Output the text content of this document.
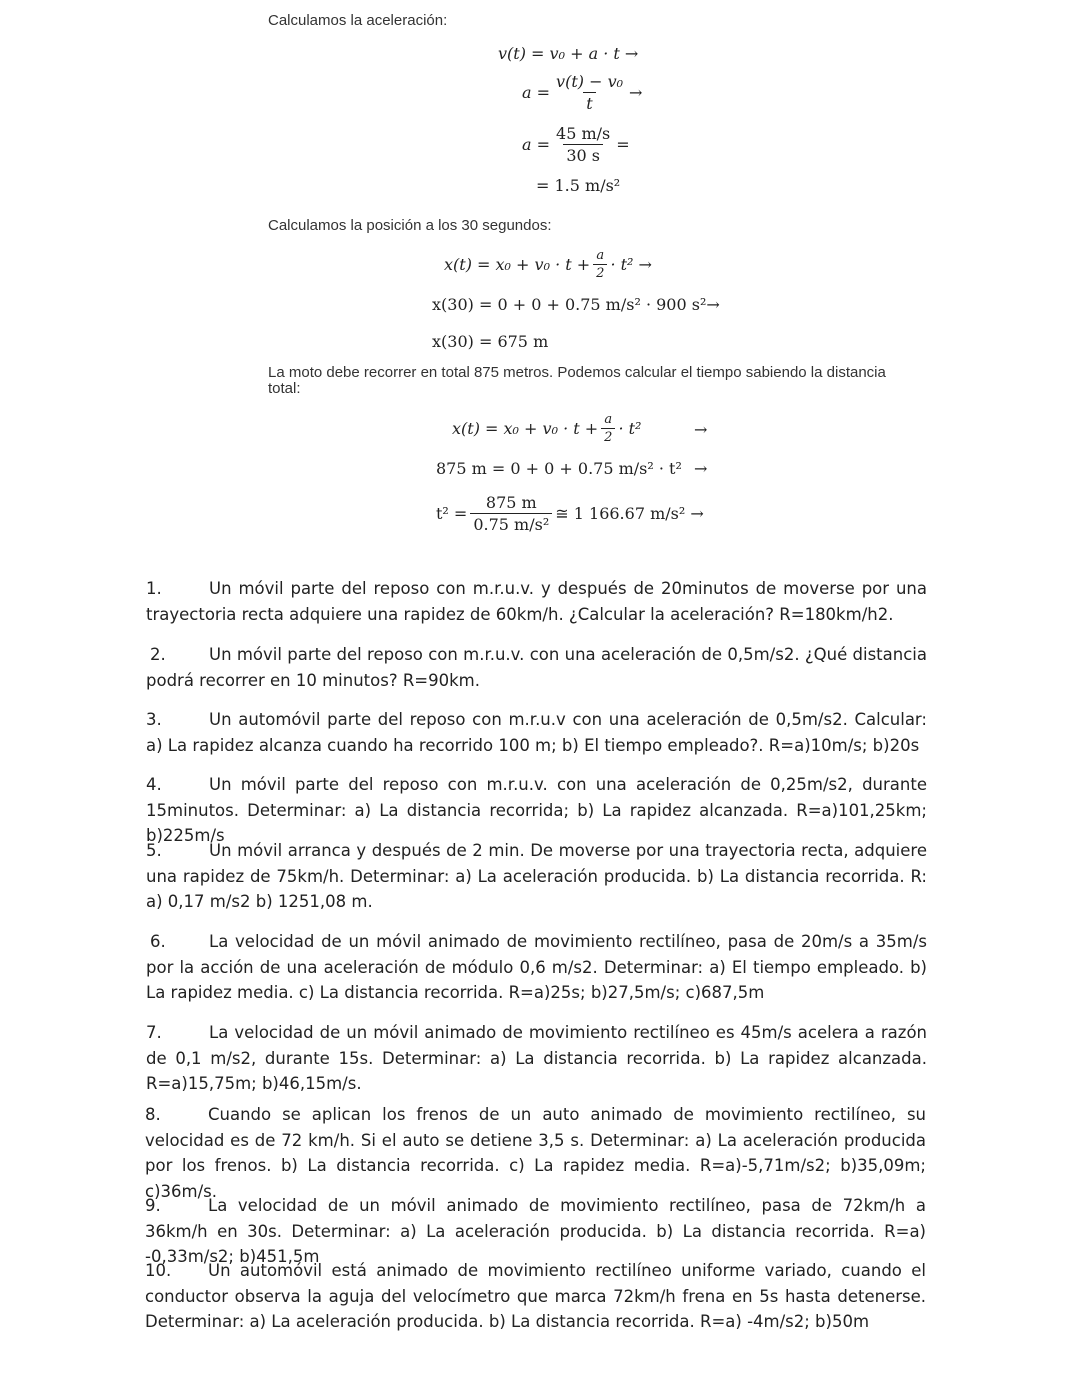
Calculamos la aceleración:
v(t) = v₀ + a · t →
$a = \frac{\text{v(t) − v₀}}{t}$ →
$a = \frac{45 m/s}{30 s}$ =
= 1.5 m/s²
Calculamos la posición a los 30 segundos:
$x(t) = x_0 + v_0 \cdot t + \frac{a}{2} \cdot t^2$ →
x(30) = 0 + 0 + 0.75 m/s² · 900 s²→
x(30) = 675 m
La moto debe recorrer en total 875 metros. Podemos calcular el tiempo sabiendo la distancia total:
$x(t) = x_0 + v_0 \cdot t + \frac{a}{2} \cdot t^2$	→
875 m = 0 + 0 + 0.75 m/s² · t² →
$t^2 = \frac{875 m}{\text{0.75 m/s²}}$ ≅ 1 166.67 m/s² →
1.	Un móvil parte del reposo con m.r.u.v. y después de 20minutos de moverse por una trayectoria recta adquiere una rapidez de 60km/h. ¿Calcular la aceleración? R=180km/h2.
2.	Un móvil parte del reposo con m.r.u.v. con una aceleración de 0,5m/s2. ¿Qué distancia podrá recorrer en 10 minutos? R=90km.
3.	Un automóvil parte del reposo con m.r.u.v con una aceleración de 0,5m/s2. Calcular: a) La rapidez alcanza cuando ha recorrido 100 m; b) El tiempo empleado?. R=a)10m/s; b)20s
4.	Un móvil parte del reposo con m.r.u.v. con una aceleración de 0,25m/s2, durante 15minutos. Determinar: a) La distancia recorrida; b) La rapidez alcanzada. R=a)101,25km; b)225m/s
5.	Un móvil arranca y después de 2 min. De moverse por una trayectoria recta, adquiere una rapidez de 75km/h. Determinar: a) La aceleración producida. b) La distancia recorrida. R: a) 0,17 m/s2 b) 1251,08 m.
6.	La velocidad de un móvil animado de movimiento rectilíneo, pasa de 20m/s a 35m/s por la acción de una aceleración de módulo 0,6 m/s2. Determinar: a) El tiempo empleado. b) La rapidez media. c) La distancia recorrida. R=a)25s; b)27,5m/s; c)687,5m
7.	La velocidad de un móvil animado de movimiento rectilíneo es 45m/s acelera a razón de 0,1 m/s2, durante 15s. Determinar: a) La distancia recorrida. b) La rapidez alcanzada. R=a)15,75m; b)46,15m/s.
8.	Cuando se aplican los frenos de un auto animado de movimiento rectilíneo, su velocidad es de 72 km/h. Si el auto se detiene 3,5 s. Determinar: a) La aceleración producida por los frenos. b) La distancia recorrida. c) La rapidez media. R=a)-5,71m/s2; b)35,09m; c)36m/s.
9.	La velocidad de un móvil animado de movimiento rectilíneo, pasa de 72km/h a 36km/h en 30s. Determinar: a) La aceleración producida. b) La distancia recorrida. R=a) -0,33m/s2; b)451,5m
10. Un automóvil está animado de movimiento rectilíneo uniforme variado, cuando el conductor observa la aguja del velocímetro que marca 72km/h frena en 5s hasta detenerse. Determinar: a) La aceleración producida. b) La distancia recorrida. R=a) -4m/s2; b)50m
